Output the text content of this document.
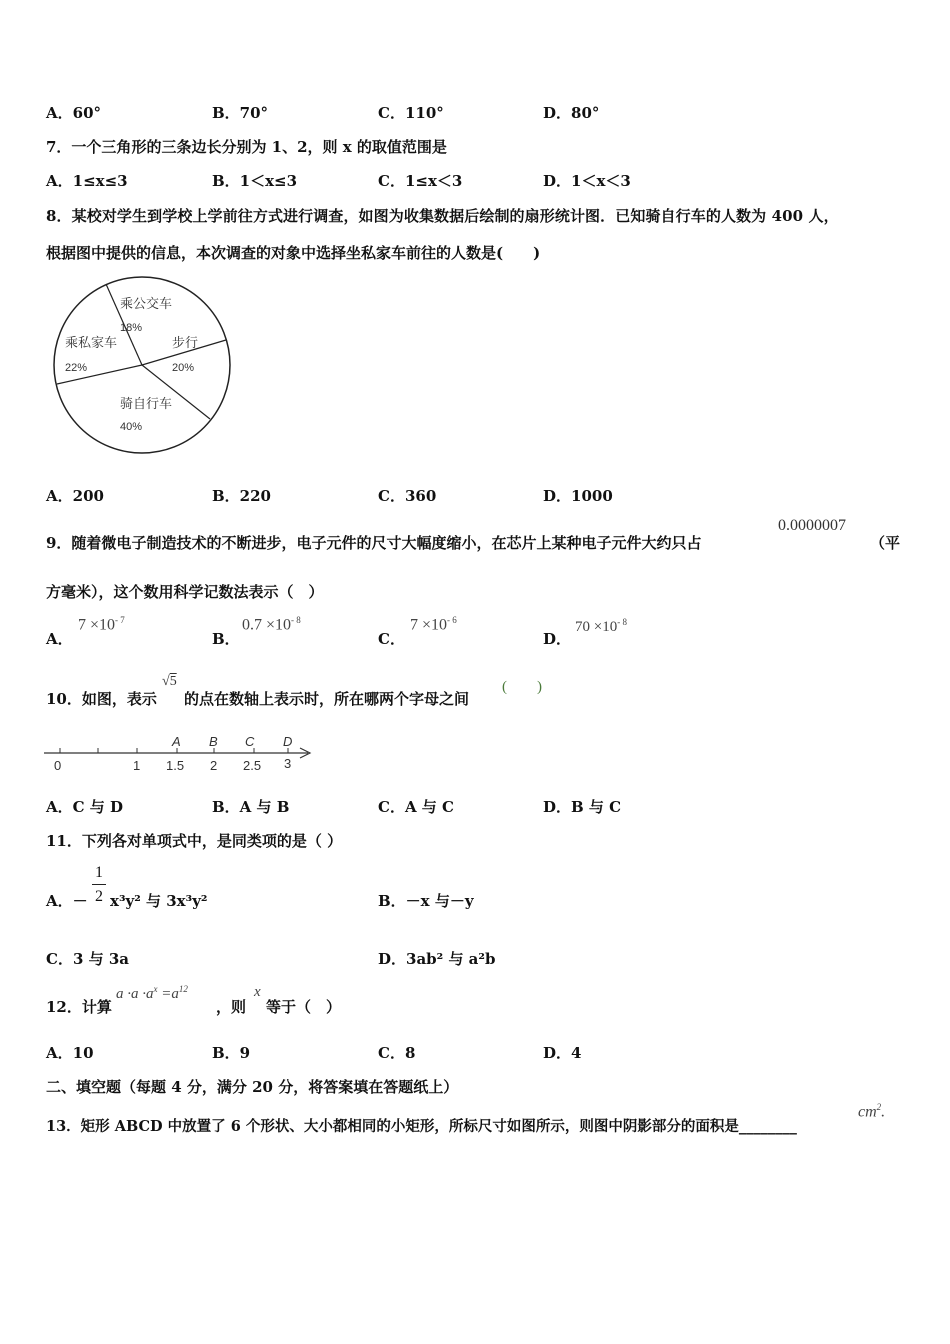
A．60°	B．70°	C．110°	D．80°
7．一个三角形的三条边长分别为 1、2，则 x 的取值范围是
A．1≤x≤3	B．1＜x≤3	C．1≤x＜3	D．1＜x＜3
8．某校对学生到学校上学前往方式进行调查，如图为收集数据后绘制的扇形统计图．已知骑自行车的人数为 400 人，
根据图中提供的信息，本次调查的对象中选择坐私家车前往的人数是(　　)
乘公交车
18%
步行
20%
骑自行车
40%
乘私家车
22%
A．200	B．220	C．360	D．1000
9．随着微电子制造技术的不断进步，电子元件的尺寸大幅度缩小，在芯片上某种电子元件大约只占
0.0000007
（平
方毫米），这个数用科学记数法表示（　）
A．
$7 \times 10^{- 7}$
B．
$0.7 \times 10^{- 8}$
C．
$7 \times 10^{- 6}$
D．
$70 \times 10^{- 8}$
10．如图，表示
√5
的点在数轴上表示时，所在哪两个字母之间
(　　)
A B C D
0	1 1.5 2 2.5 3
A．C 与 D	B．A 与 B	C．A 与 C	D．B 与 C
11．下列各对单项式中，是同类项的是（ ）
A．－ $\frac{1}{2} x^3y^2$ 与 3x³y²	B．－x 与－y
C．3 与 3a	D．3ab² 与 a²b
12．计算
$a \cdot a \cdot a^x =a^{12}$
，则
x
等于（　）
A．10	B．9	C．8	D．4
二、填空题（每题 4 分，满分 20 分，将答案填在答题纸上）
13．矩形 ABCD 中放置了 6 个形状、大小都相同的小矩形，所标尺寸如图所示，则图中阴影部分的面积是________
$cm^2$.
